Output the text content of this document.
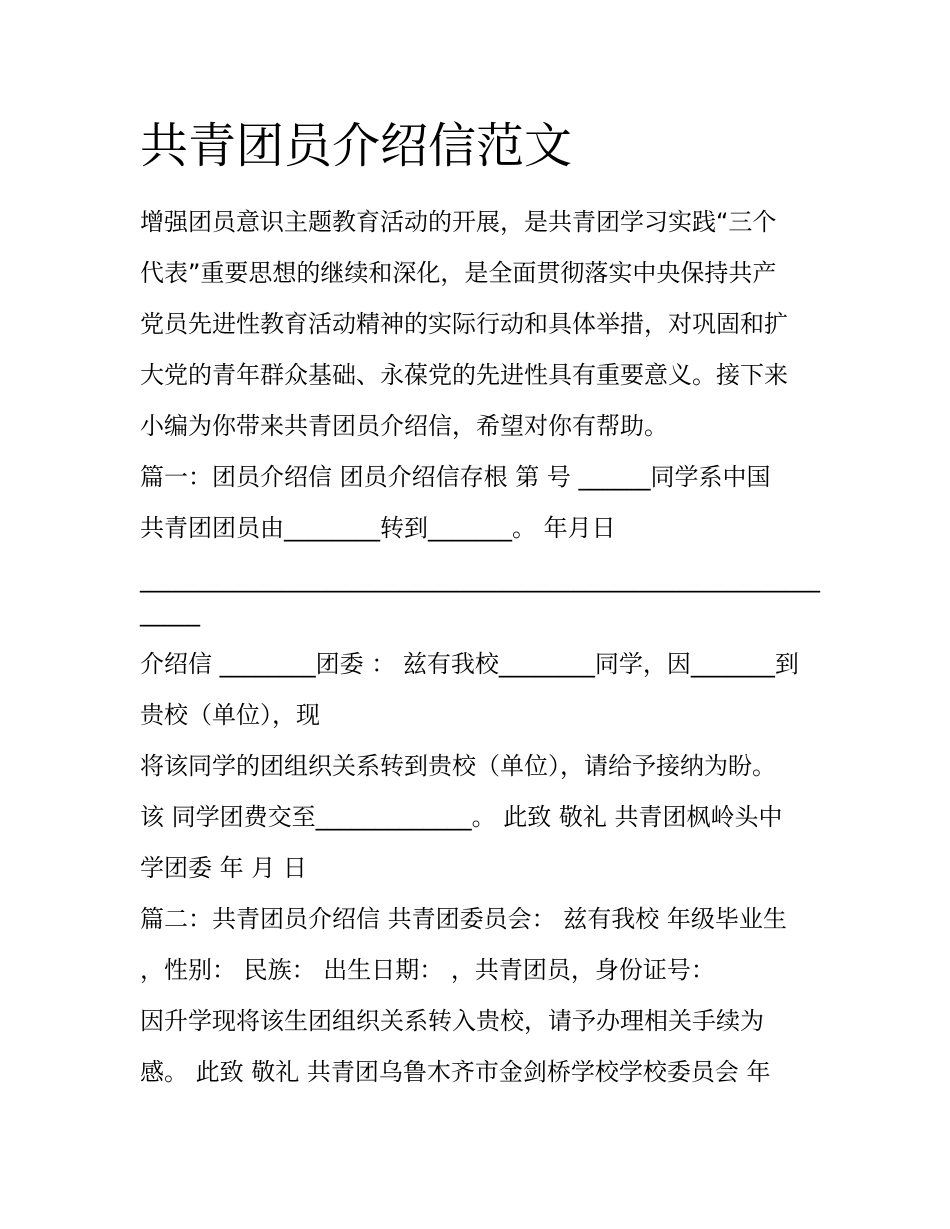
共青团员介绍信范文

增强团员意识主题教育活动的开展，是共青团学习实践“三个

代表”重要思想的继续和深化，是全面贯彻落实中央保持共产

党员先进性教育活动精神的实际行动和具体举措，对巩固和扩

大党的青年群众基础、永葆党的先进性具有重要意义。接下来

小编为你带来共青团员介绍信，希望对你有帮助。

篇一：团员介绍信 团员介绍信存根 第 号 ______同学系中国

共青团团员由________转到_______。 年月日

__________________________________________________________

_____

介绍信 ________团委 ： 兹有我校________同学，因_______到

贵校（单位），现

将该同学的团组织关系转到贵校（单位），请给予接纳为盼。

该 同学团费交至_____________。 此致 敬礼 共青团枫岭头中

学团委 年 月 日

篇二：共青团员介绍信 共青团委员会： 兹有我校 年级毕业生

，性别： 民族： 出生日期： ，共青团员，身份证号：

因升学现将该生团组织关系转入贵校，请予办理相关手续为

感。 此致 敬礼 共青团乌鲁木齐市金剑桥学校学校委员会 年
